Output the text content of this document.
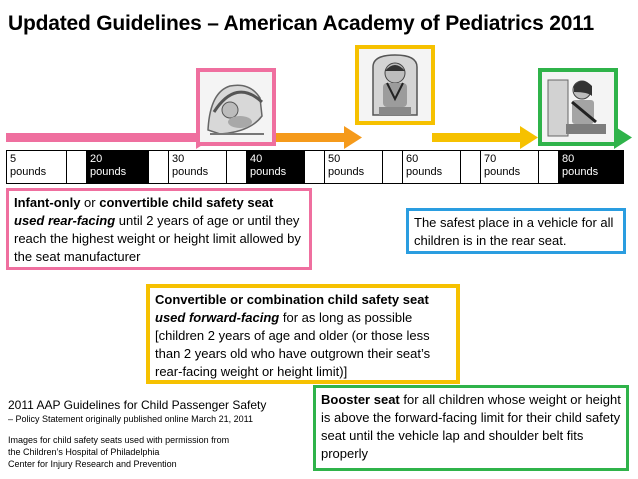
Updated Guidelines – American Academy of Pediatrics 2011
5
pounds
20
pounds
30
pounds
40
pounds
50
pounds
60
pounds
70
pounds
80
pounds
Infant-only or convertible child safety seat used rear-facing until 2 years of age or until they reach the highest weight or height limit allowed by the seat manufacturer
The safest place in a vehicle for all children is in the rear seat.
Convertible or combination child safety seat used forward-facing for as long as possible [children 2 years of age and older (or those less than 2 years old who have outgrown their seat’s rear-facing weight or height limit)]
Booster seat for all children whose weight or height is above the forward-facing limit for their child safety seat until the vehicle lap and shoulder belt fits properly
2011 AAP Guidelines for Child Passenger Safety
– Policy Statement originally published online March 21, 2011
Images for child safety seats used with permission from
the Children’s Hospital of Philadelphia
Center for Injury Research and Prevention
